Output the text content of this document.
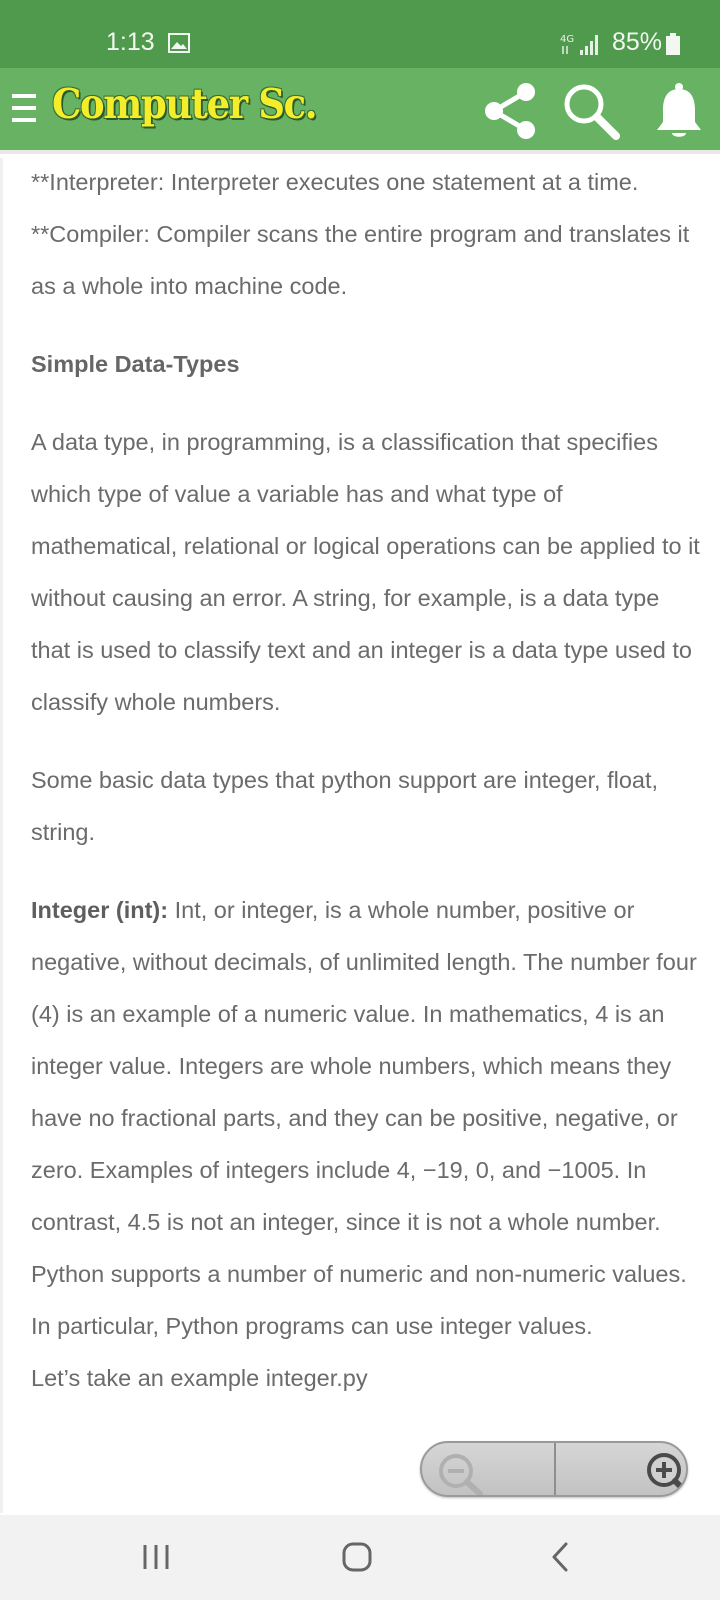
1:13	4G 85%
Computer Sc.

**Interpreter: Interpreter executes one statement at a time.

**Compiler: Compiler scans the entire program and translates it as a whole into machine code.

Simple Data-Types

A data type, in programming, is a classification that specifies which type of value a variable has and what type of mathematical, relational or logical operations can be applied to it without causing an error. A string, for example, is a data type that is used to classify text and an integer is a data type used to classify whole numbers.

Some basic data types that python support are integer, float, string.

Integer (int): Int, or integer, is a whole number, positive or negative, without decimals, of unlimited length. The number four (4) is an example of a numeric value. In mathematics, 4 is an integer value. Integers are whole numbers, which means they have no fractional parts, and they can be positive, negative, or zero. Examples of integers include 4, −19, 0, and −1005. In contrast, 4.5 is not an integer, since it is not a whole number. Python supports a number of numeric and non-numeric values. In particular, Python programs can use integer values.

Let’s take an example integer.py
